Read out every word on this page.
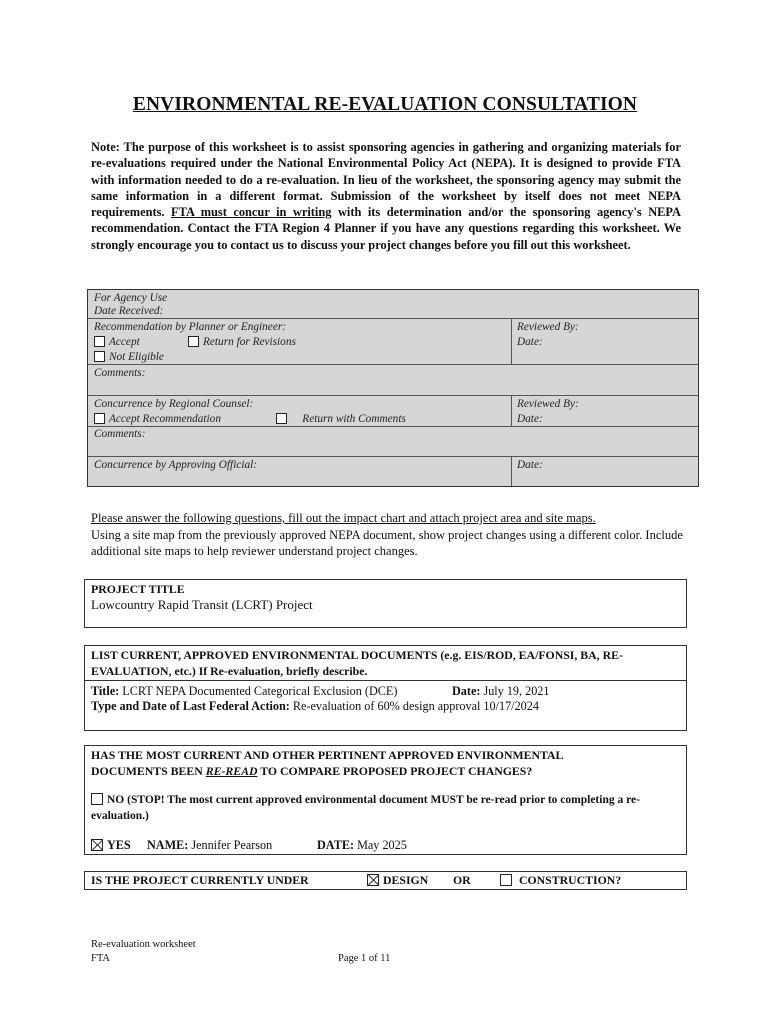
ENVIRONMENTAL RE-EVALUATION CONSULTATION
Note: The purpose of this worksheet is to assist sponsoring agencies in gathering and organizing materials for re-evaluations required under the National Environmental Policy Act (NEPA). It is designed to provide FTA with information needed to do a re-evaluation. In lieu of the worksheet, the sponsoring agency may submit the same information in a different format. Submission of the worksheet by itself does not meet NEPA requirements. FTA must concur in writing with its determination and/or the sponsoring agency's NEPA recommendation. Contact the FTA Region 4 Planner if you have any questions regarding this worksheet. We strongly encourage you to contact us to discuss your project changes before you fill out this worksheet.
For Agency Use
Date Received:
Recommendation by Planner or Engineer:
Accept	Return for Revisions
Not Eligible
Reviewed By:
Date:
Comments:
Concurrence by Regional Counsel:
Accept Recommendation	Return with Comments
Reviewed By:
Date:
Comments:
Concurrence by Approving Official:	Date:
Please answer the following questions, fill out the impact chart and attach project area and site maps.
Using a site map from the previously approved NEPA document, show project changes using a different color. Include additional site maps to help reviewer understand project changes.
PROJECT TITLE
Lowcountry Rapid Transit (LCRT) Project
LIST CURRENT, APPROVED ENVIRONMENTAL DOCUMENTS (e.g. EIS/ROD, EA/FONSI, BA, RE-EVALUATION, etc.) If Re-evaluation, briefly describe.
Title: LCRT NEPA Documented Categorical Exclusion (DCE)	Date: July 19, 2021
Type and Date of Last Federal Action: Re-evaluation of 60% design approval 10/17/2024
HAS THE MOST CURRENT AND OTHER PERTINENT APPROVED ENVIRONMENTAL DOCUMENTS BEEN RE-READ TO COMPARE PROPOSED PROJECT CHANGES?
NO (STOP! The most current approved environmental document MUST be re-read prior to completing a re-evaluation.)
YES NAME: Jennifer Pearson	DATE: May 2025
IS THE PROJECT CURRENTLY UNDER	DESIGN OR	CONSTRUCTION?
Re-evaluation worksheet
FTA	Page 1 of 11
